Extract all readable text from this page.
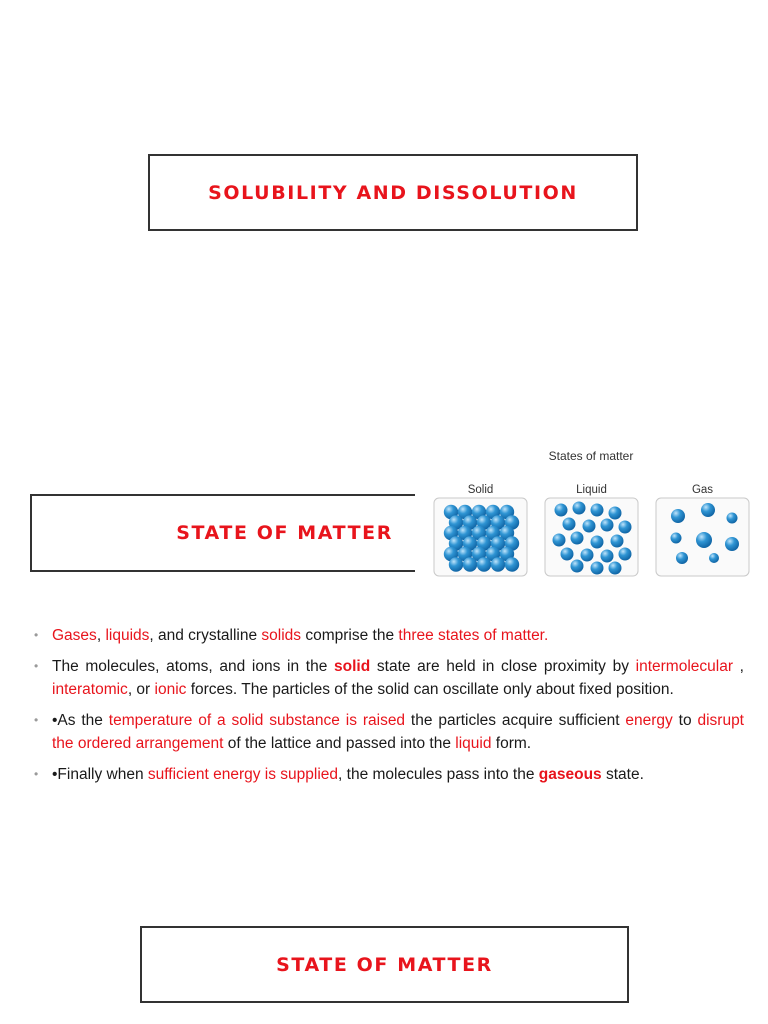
SOLUBILITY AND DISSOLUTION
STATE OF MATTER
States of matter
Solid	Liquid	Gas
• Gases, liquids, and crystalline solids comprise the three states of matter.
• The molecules, atoms, and ions in the solid state are held in close proximity by intermolecular , interatomic, or ionic forces. The particles of the solid can oscillate only about fixed position.
• •As the temperature of a solid substance is raised the particles acquire sufficient energy to disrupt the ordered arrangement of the lattice and passed into the liquid form.
• •Finally when sufficient energy is supplied, the molecules pass into the gaseous state.
STATE OF MATTER
